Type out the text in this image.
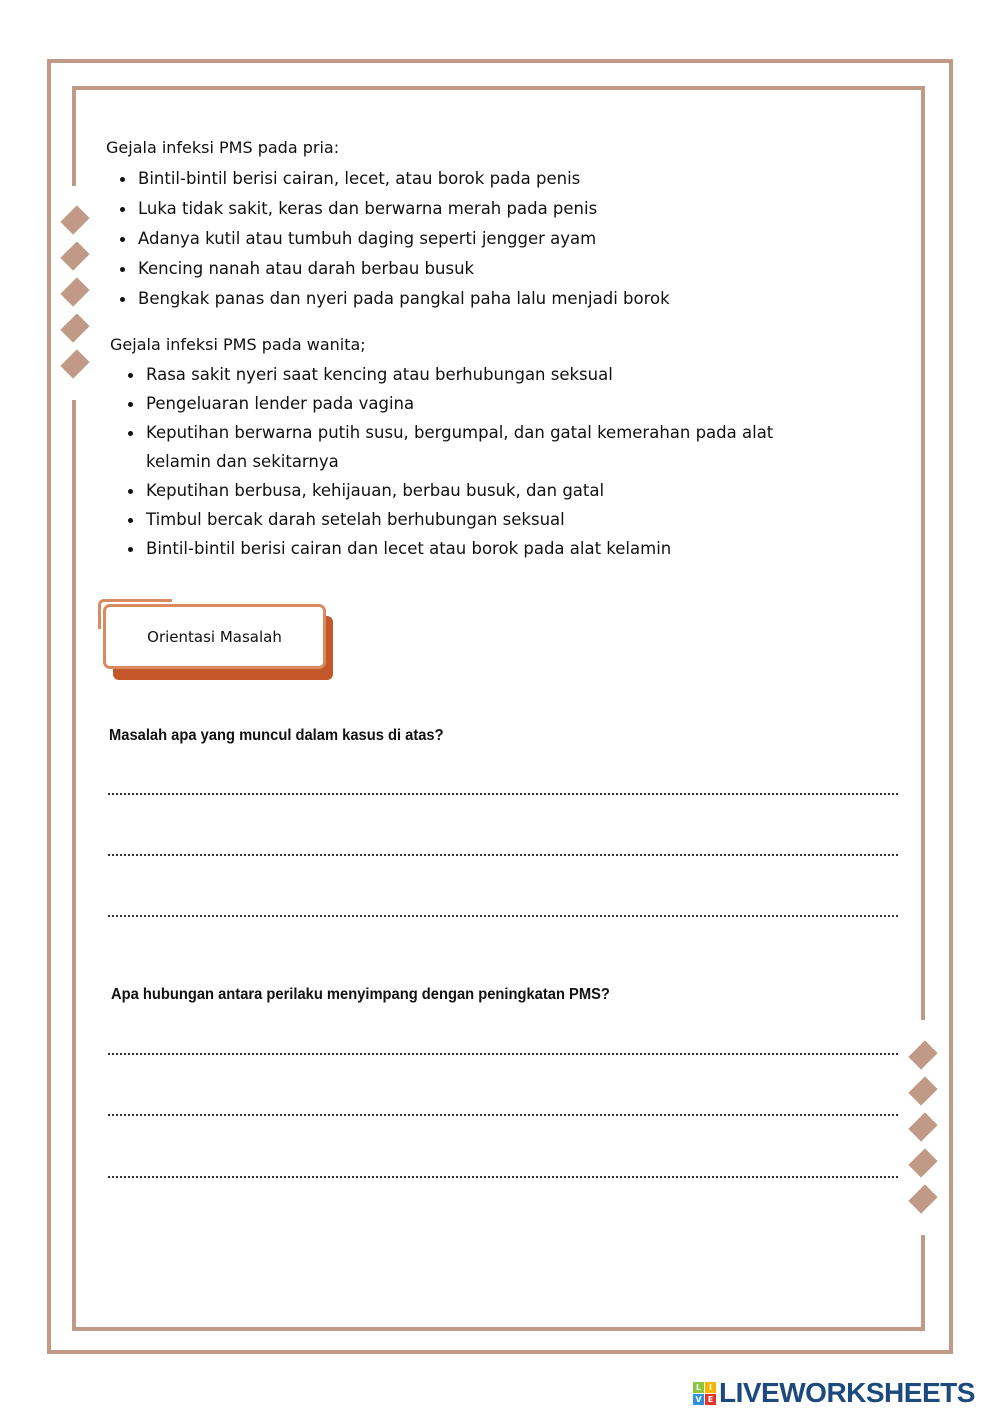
Gejala infeksi PMS pada pria:
Bintil-bintil berisi cairan, lecet, atau borok pada penis
Luka tidak sakit, keras dan berwarna merah pada penis
Adanya kutil atau tumbuh daging seperti jengger ayam
Kencing nanah atau darah berbau busuk
Bengkak panas dan nyeri pada pangkal paha lalu menjadi borok
Gejala infeksi PMS pada wanita;
Rasa sakit nyeri saat kencing atau berhubungan seksual
Pengeluaran lender pada vagina
Keputihan berwarna putih susu, bergumpal, dan gatal kemerahan pada alat kelamin dan sekitarnya
Keputihan berbusa, kehijauan, berbau busuk, dan gatal
Timbul bercak darah setelah berhubungan seksual
Bintil-bintil berisi cairan dan lecet atau borok pada alat kelamin
Orientasi Masalah
Masalah apa yang muncul dalam kasus di atas?
Apa hubungan antara perilaku menyimpang dengan peningkatan PMS?
L I
V E LIVEWORKSHEETS
